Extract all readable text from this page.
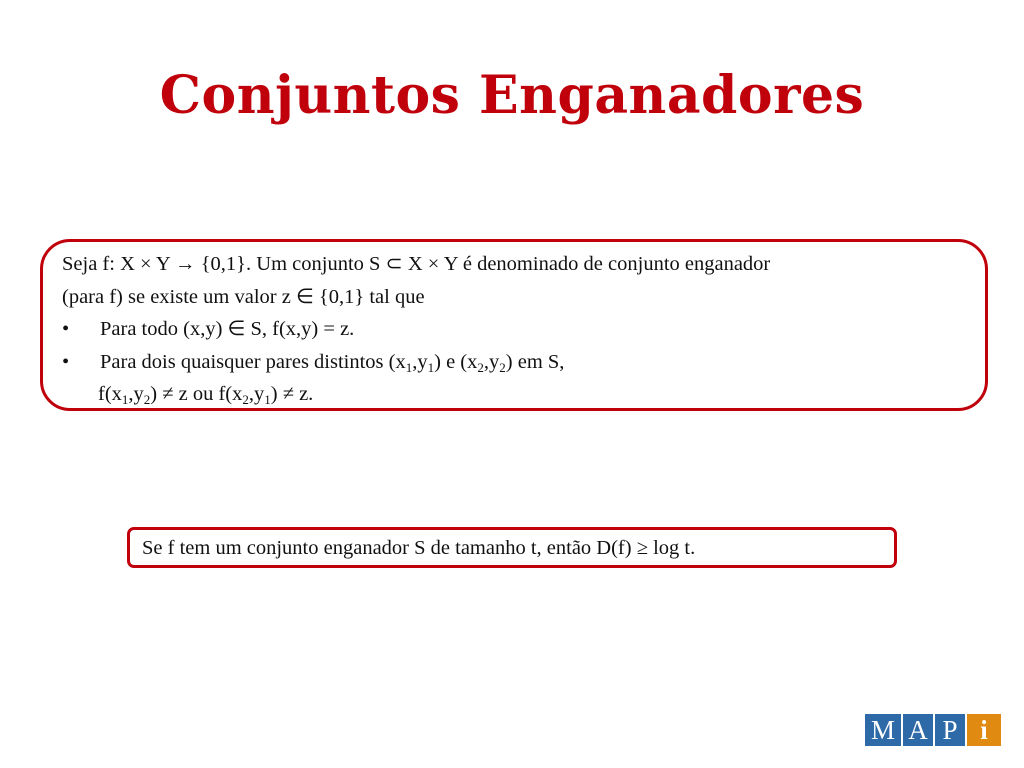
Conjuntos Enganadores
Seja f: X × Y → {0,1}. Um conjunto S ⊂ X × Y é denominado de conjunto enganador
(para f) se existe um valor z ∈ {0,1} tal que
• Para todo (x,y) ∈ S, f(x,y) = z.
• Para dois quaisquer pares distintos $(x_1,y_1)$ e $(x_2,y_2)$ em S,
$f(x_1,y_2) \ne z$ ou $f(x_2,y_1) \ne z$.
Se f tem um conjunto enganador S de tamanho t, então D(f) ≥ log t.
M A P i
